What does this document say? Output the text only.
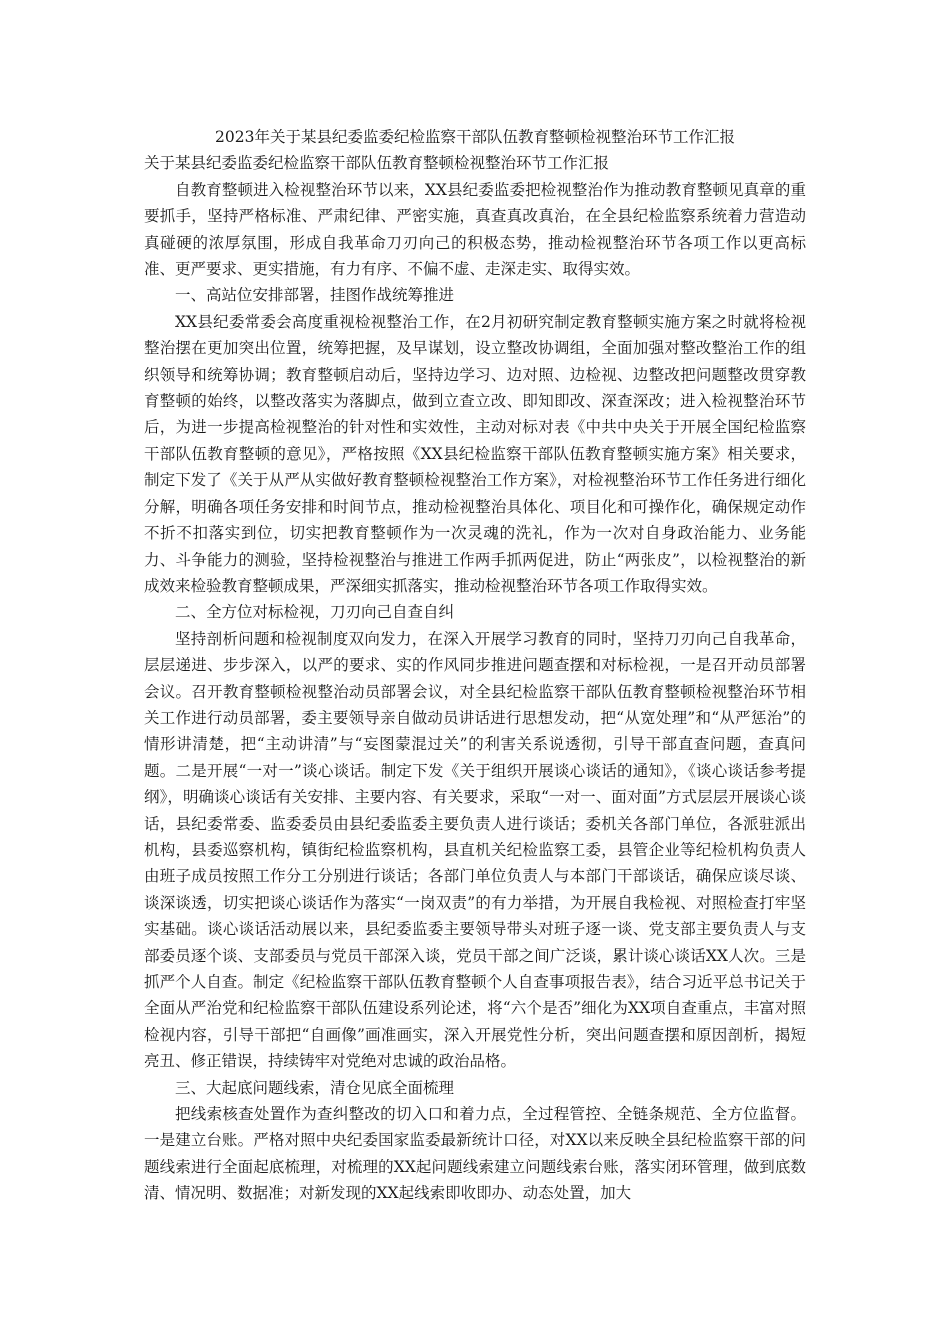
2023年关于某县纪委监委纪检监察干部队伍教育整顿检视整治环节工作汇报

关于某县纪委监委纪检监察干部队伍教育整顿检视整治环节工作汇报

自教育整顿进入检视整治环节以来，XX县纪委监委把检视整治作为推动教育整顿见真章的重要抓手，坚持严格标准、严肃纪律、严密实施，真查真改真治，在全县纪检监察系统着力营造动真碰硬的浓厚氛围，形成自我革命刀刃向己的积极态势，推动检视整治环节各项工作以更高标准、更严要求、更实措施，有力有序、不偏不虚、走深走实、取得实效。

一、高站位安排部署，挂图作战统筹推进

XX县纪委常委会高度重视检视整治工作，在2月初研究制定教育整顿实施方案之时就将检视整治摆在更加突出位置，统筹把握，及早谋划，设立整改协调组，全面加强对整改整治工作的组织领导和统筹协调；教育整顿启动后，坚持边学习、边对照、边检视、边整改把问题整改贯穿教育整顿的始终，以整改落实为落脚点，做到立查立改、即知即改、深查深改；进入检视整治环节后，为进一步提高检视整治的针对性和实效性，主动对标对表《中共中央关于开展全国纪检监察干部队伍教育整顿的意见》，严格按照《XX县纪检监察干部队伍教育整顿实施方案》相关要求，制定下发了《关于从严从实做好教育整顿检视整治工作方案》，对检视整治环节工作任务进行细化分解，明确各项任务安排和时间节点，推动检视整治具体化、项目化和可操作化，确保规定动作不折不扣落实到位，切实把教育整顿作为一次灵魂的洗礼，作为一次对自身政治能力、业务能力、斗争能力的测验，坚持检视整治与推进工作两手抓两促进，防止“两张皮”，以检视整治的新成效来检验教育整顿成果，严深细实抓落实，推动检视整治环节各项工作取得实效。

二、全方位对标检视，刀刃向己自查自纠

坚持剖析问题和检视制度双向发力，在深入开展学习教育的同时，坚持刀刃向己自我革命，层层递进、步步深入，以严的要求、实的作风同步推进问题查摆和对标检视，一是召开动员部署会议。召开教育整顿检视整治动员部署会议，对全县纪检监察干部队伍教育整顿检视整治环节相关工作进行动员部署，委主要领导亲自做动员讲话进行思想发动，把“从宽处理”和“从严惩治”的情形讲清楚，把“主动讲清”与“妄图蒙混过关”的利害关系说透彻，引导干部直查问题，查真问题。二是开展“一对一”谈心谈话。制定下发《关于组织开展谈心谈话的通知》，《谈心谈话参考提纲》，明确谈心谈话有关安排、主要内容、有关要求，采取“一对一、面对面”方式层层开展谈心谈话，县纪委常委、监委委员由县纪委监委主要负责人进行谈话；委机关各部门单位，各派驻派出机构，县委巡察机构，镇街纪检监察机构，县直机关纪检监察工委，县管企业等纪检机构负责人由班子成员按照工作分工分别进行谈话；各部门单位负责人与本部门干部谈话，确保应谈尽谈、谈深谈透，切实把谈心谈话作为落实“一岗双责”的有力举措，为开展自我检视、对照检查打牢坚实基础。谈心谈话活动展以来，县纪委监委主要领导带头对班子逐一谈、党支部主要负责人与支部委员逐个谈、支部委员与党员干部深入谈，党员干部之间广泛谈，累计谈心谈话XX人次。三是抓严个人自查。制定《纪检监察干部队伍教育整顿个人自查事项报告表》，结合习近平总书记关于全面从严治党和纪检监察干部队伍建设系列论述，将“六个是否”细化为XX项自查重点，丰富对照检视内容，引导干部把“自画像”画准画实，深入开展党性分析，突出问题查摆和原因剖析，揭短亮丑、修正错误，持续铸牢对党绝对忠诚的政治品格。

三、大起底问题线索，清仓见底全面梳理

把线索核查处置作为查纠整改的切入口和着力点，全过程管控、全链条规范、全方位监督。一是建立台账。严格对照中央纪委国家监委最新统计口径，对XX以来反映全县纪检监察干部的问题线索进行全面起底梳理，对梳理的XX起问题线索建立问题线索台账，落实闭环管理，做到底数清、情况明、数据准；对新发现的XX起线索即收即办、动态处置，加大
